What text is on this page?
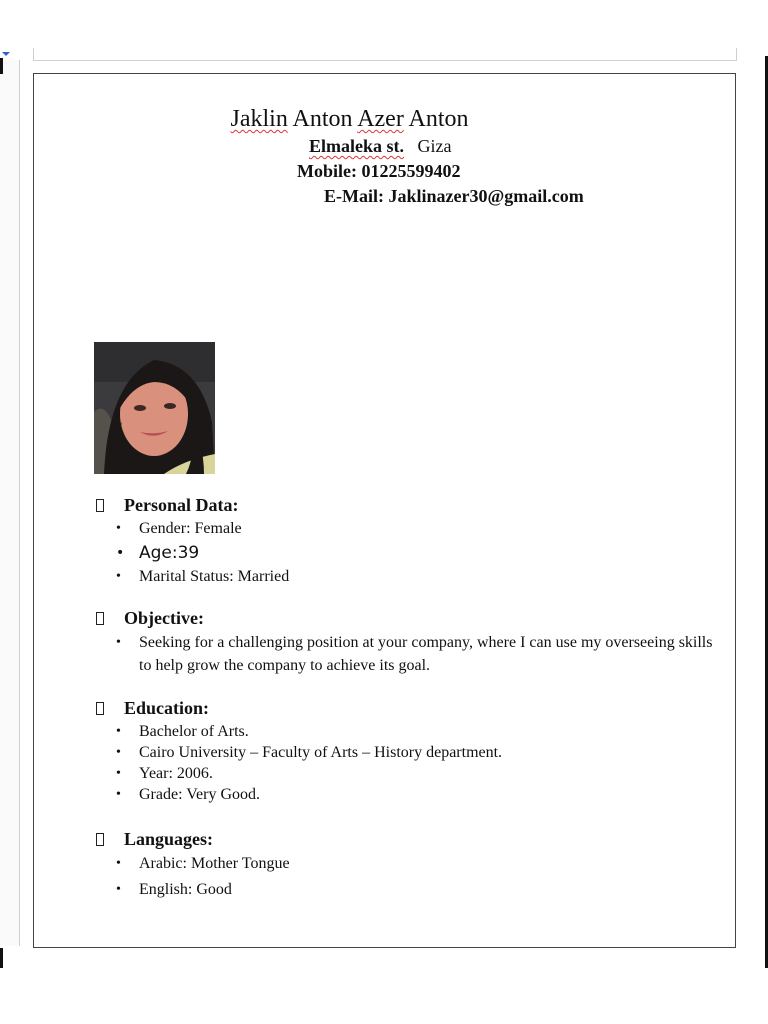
Jaklin Anton Azer Anton
Elmaleka st. Giza
Mobile: 01225599402
E-Mail: Jaklinazer30@gmail.com
Personal Data:
• Gender: Female
• Age:39
• Marital Status: Married
Objective:
• Seeking for a challenging position at your company, where I can use my overseeing skills to help grow the company to achieve its goal.
Education:
• Bachelor of Arts.
• Cairo University – Faculty of Arts – History department.
• Year: 2006.
• Grade: Very Good.
Languages:
• Arabic: Mother Tongue
• English: Good
